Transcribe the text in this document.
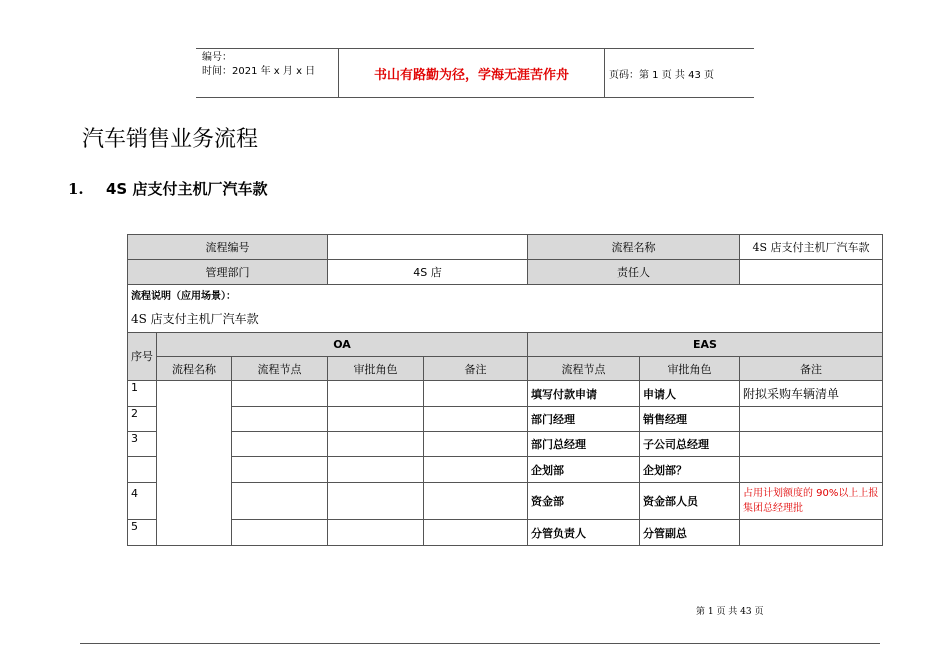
编号：
时间：2021 年 x 月 x 日	书山有路勤为径，学海无涯苦作舟	页码：第 1 页 共 43 页
汽车销售业务流程
1. 4S 店支付主机厂汽车款
流程编号					流程名称		4S 店支付主机厂汽车款
管理部门			4S 店		责任人		

流程说明（应用场景）：
4S 店支付主机厂汽车款							

序号	OA				EAS		
	流程名称	流程节点	审批角色	备注	流程节点	审批角色	备注
1					填写付款申请	申请人	附拟采购车辆清单
2					部门经理	销售经理	
3					部门总经理	子公司总经理	
					企划部	企划部？	
4					资金部	资金部人员	占用计划额度的 90%以上上报集团总经理批
5					分管负责人	分管副总	
第 1 页 共 43 页
